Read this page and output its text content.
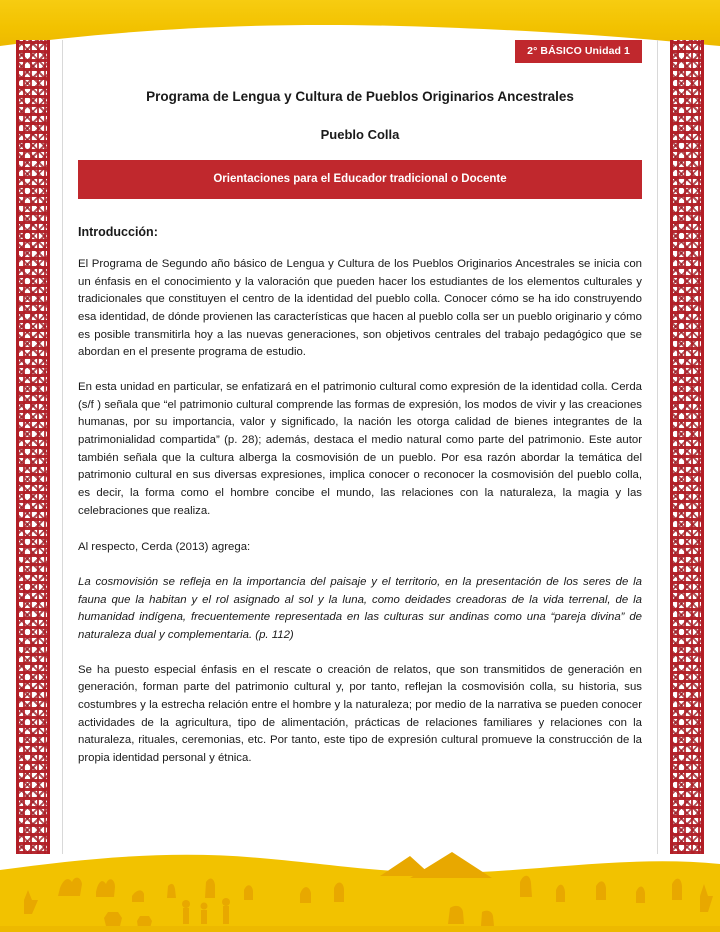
2° BÁSICO Unidad 1
Programa de Lengua y Cultura de Pueblos Originarios Ancestrales
Pueblo Colla
Orientaciones para el Educador tradicional o Docente
Introducción:

El Programa de Segundo año básico de Lengua y Cultura de los Pueblos Originarios Ancestrales se inicia con un énfasis en el conocimiento y la valoración que pueden hacer los estudiantes de los elementos culturales y tradicionales que constituyen el centro de la identidad del pueblo colla. Conocer cómo se ha ido construyendo esa identidad, de dónde provienen las características que hacen al pueblo colla ser un pueblo originario y cómo es posible transmitirla hoy a las nuevas generaciones, son objetivos centrales del trabajo pedagógico que se abordan en el presente programa de estudio.

En esta unidad en particular, se enfatizará en el patrimonio cultural como expresión de la identidad colla. Cerda (s/f ) señala que “el patrimonio cultural comprende las formas de expresión, los modos de vivir y las creaciones humanas, por su importancia, valor y significado, la nación les otorga calidad de bienes integrantes de la patrimonialidad compartida” (p. 28); además, destaca el medio natural como parte del patrimonio. Este autor también señala que la cultura alberga la cosmovisión de un pueblo. Por esa razón abordar la temática del patrimonio cultural en sus diversas expresiones, implica conocer o reconocer la cosmovisión del pueblo colla, es decir, la forma como el hombre concibe el mundo, las relaciones con la naturaleza, la magia y las celebraciones que realiza.

Al respecto, Cerda (2013) agrega:

La cosmovisión se refleja en la importancia del paisaje y el territorio, en la presentación de los seres de la fauna que la habitan y el rol asignado al sol y la luna, como deidades creadoras de la vida terrenal, de la humanidad indígena, frecuentemente representada en las culturas sur andinas como una “pareja divina” de naturaleza dual y complementaria. (p. 112)

Se ha puesto especial énfasis en el rescate o creación de relatos, que son transmitidos de generación en generación, forman parte del patrimonio cultural y, por tanto, reflejan la cosmovisión colla, su historia, sus costumbres y la estrecha relación entre el hombre y la naturaleza; por medio de la narrativa se pueden conocer actividades de la agricultura, tipo de alimentación, prácticas de relaciones familiares y relaciones con la naturaleza, rituales, ceremonias, etc. Por tanto, este tipo de expresión cultural promueve la construcción de la propia identidad personal y étnica.
